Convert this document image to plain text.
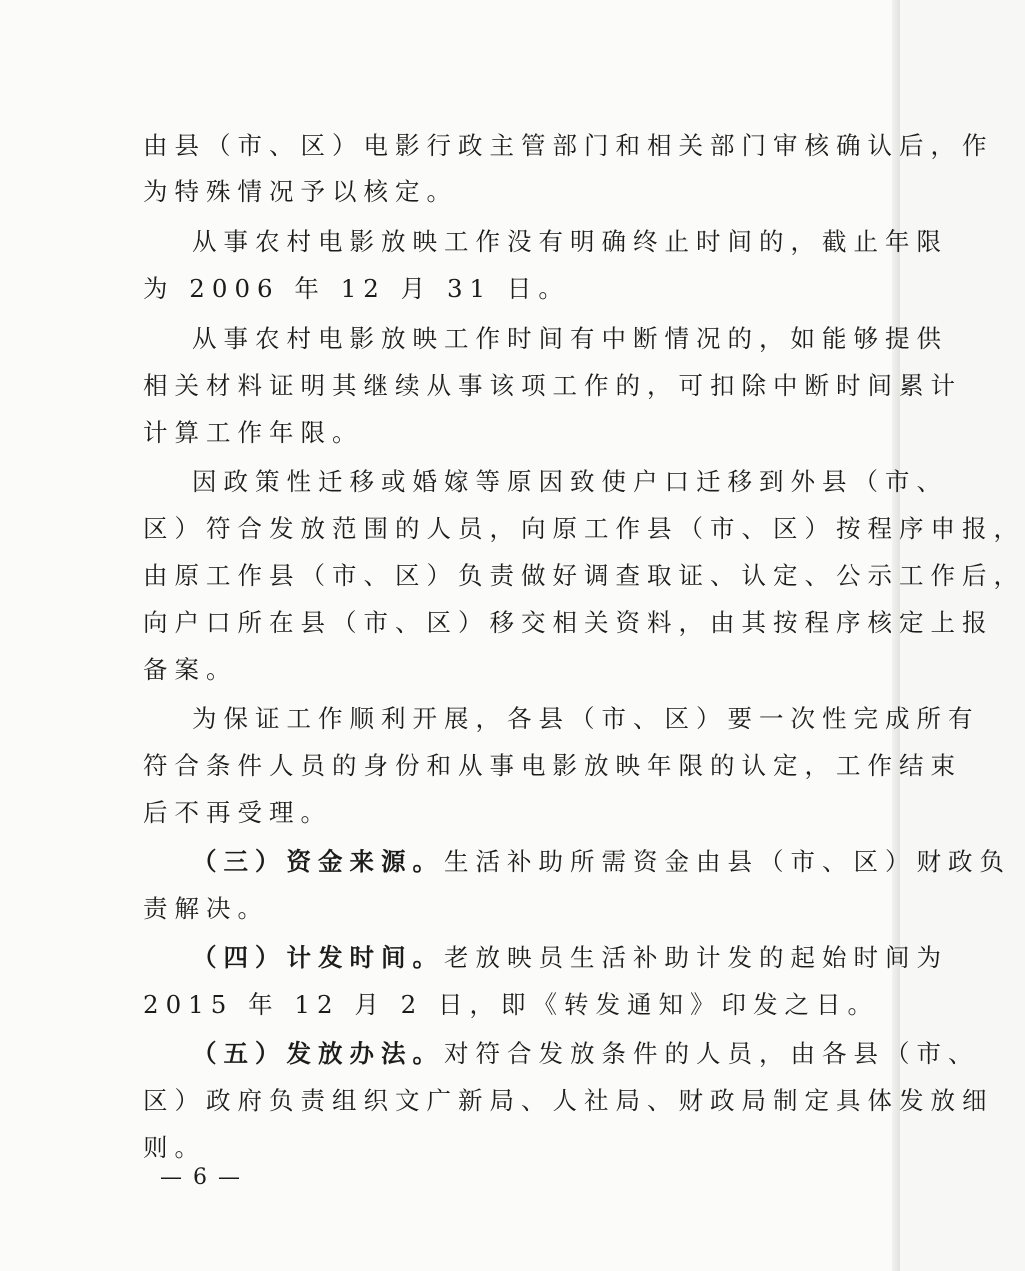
由县（市、区）电影行政主管部门和相关部门审核确认后，作
为特殊情况予以核定。
从事农村电影放映工作没有明确终止时间的，截止年限
为 2006 年 12 月 31 日。
从事农村电影放映工作时间有中断情况的，如能够提供
相关材料证明其继续从事该项工作的，可扣除中断时间累计
计算工作年限。
因政策性迁移或婚嫁等原因致使户口迁移到外县（市、
区）符合发放范围的人员，向原工作县（市、区）按程序申报，
由原工作县（市、区）负责做好调查取证、认定、公示工作后，
向户口所在县（市、区）移交相关资料，由其按程序核定上报
备案。
为保证工作顺利开展，各县（市、区）要一次性完成所有
符合条件人员的身份和从事电影放映年限的认定，工作结束
后不再受理。
（三）资金来源。生活补助所需资金由县（市、区）财政负
责解决。
（四）计发时间。老放映员生活补助计发的起始时间为
2015 年 12 月 2 日，即《转发通知》印发之日。
（五）发放办法。对符合发放条件的人员，由各县（市、
区）政府负责组织文广新局、人社局、财政局制定具体发放细
则。
— 6 —
